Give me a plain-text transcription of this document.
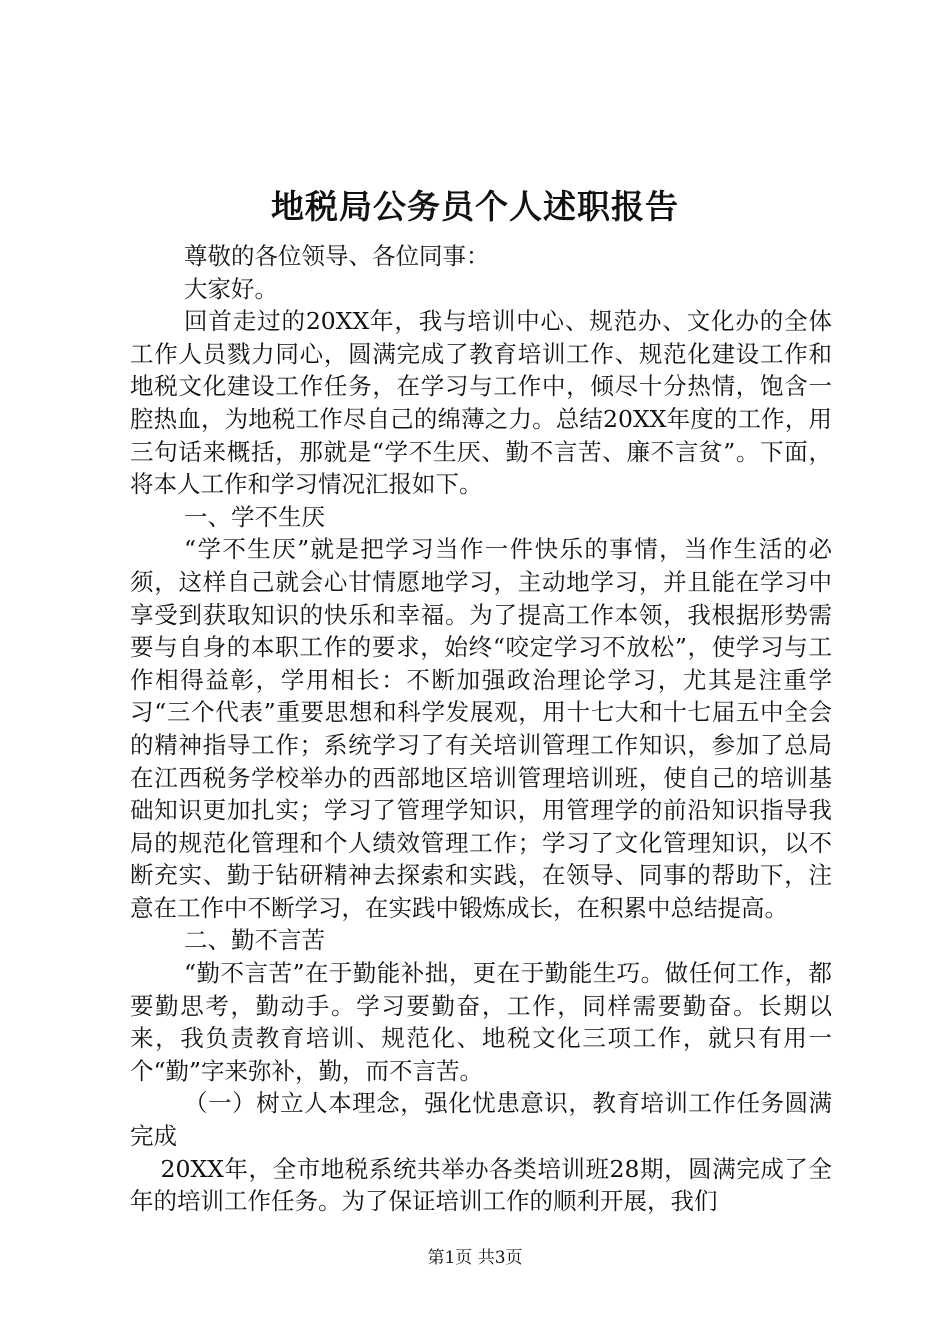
地税局公务员个人述职报告

尊敬的各位领导、各位同事：

大家好。

回首走过的20XX年，我与培训中心、规范办、文化办的全体工作人员戮力同心，圆满完成了教育培训工作、规范化建设工作和地税文化建设工作任务，在学习与工作中，倾尽十分热情，饱含一腔热血，为地税工作尽自己的绵薄之力。总结20XX年度的工作，用三句话来概括，那就是“学不生厌、勤不言苦、廉不言贫”。下面，将本人工作和学习情况汇报如下。

一、学不生厌

“学不生厌”就是把学习当作一件快乐的事情，当作生活的必须，这样自己就会心甘情愿地学习，主动地学习，并且能在学习中享受到获取知识的快乐和幸福。为了提高工作本领，我根据形势需要与自身的本职工作的要求，始终“咬定学习不放松”，使学习与工作相得益彰，学用相长：不断加强政治理论学习，尤其是注重学习“三个代表”重要思想和科学发展观，用十七大和十七届五中全会的精神指导工作；系统学习了有关培训管理工作知识，参加了总局在江西税务学校举办的西部地区培训管理培训班，使自己的培训基础知识更加扎实；学习了管理学知识，用管理学的前沿知识指导我局的规范化管理和个人绩效管理工作；学习了文化管理知识，以不断充实、勤于钻研精神去探索和实践，在领导、同事的帮助下，注意在工作中不断学习，在实践中锻炼成长，在积累中总结提高。

二、勤不言苦

“勤不言苦”在于勤能补拙，更在于勤能生巧。做任何工作，都要勤思考，勤动手。学习要勤奋，工作，同样需要勤奋。长期以来，我负责教育培训、规范化、地税文化三项工作，就只有用一个“勤”字来弥补，勤，而不言苦。

（一）树立人本理念，强化忧患意识，教育培训工作任务圆满完成

20XX年，全市地税系统共举办各类培训班28期，圆满完成了全年的培训工作任务。为了保证培训工作的顺利开展，我们

第1页 共3页
